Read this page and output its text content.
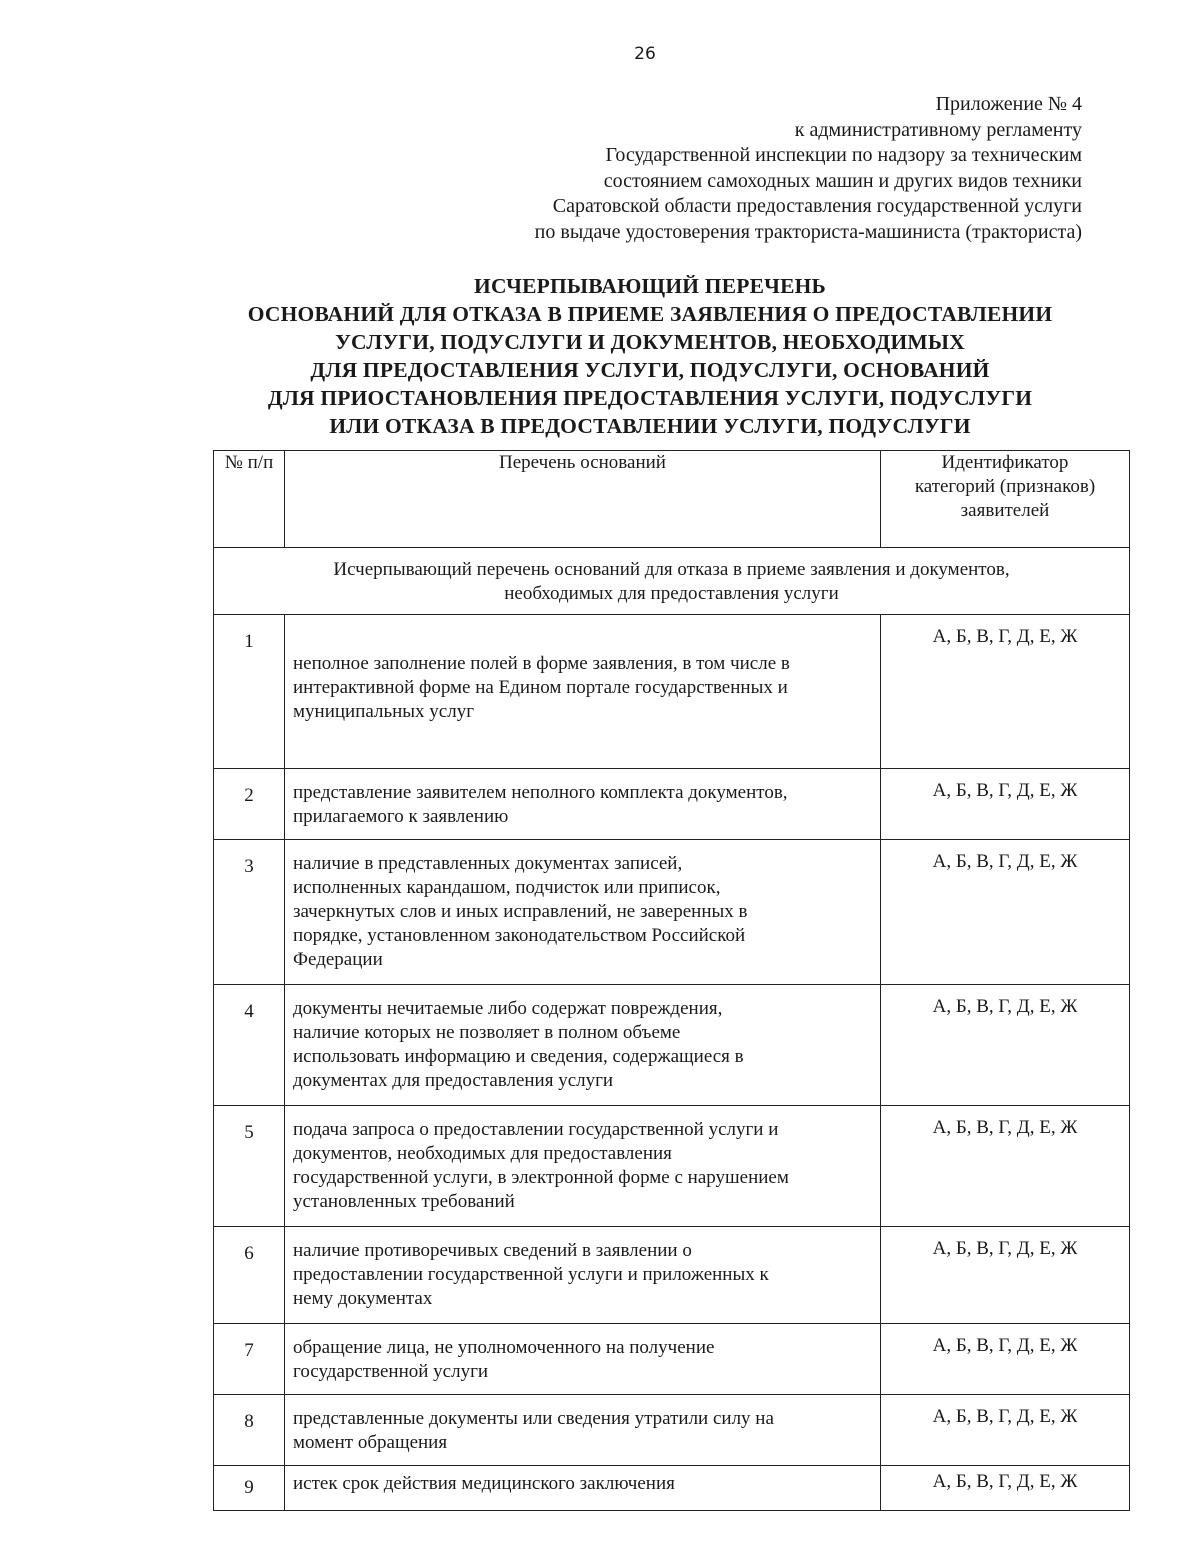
26
Приложение № 4
к административному регламенту
Государственной инспекции по надзору за техническим
состоянием самоходных машин и других видов техники
Саратовской области предоставления государственной услуги
по выдаче удостоверения тракториста-машиниста (тракториста)
ИСЧЕРПЫВАЮЩИЙ ПЕРЕЧЕНЬ
ОСНОВАНИЙ ДЛЯ ОТКАЗА В ПРИЕМЕ ЗАЯВЛЕНИЯ О ПРЕДОСТАВЛЕНИИ
УСЛУГИ, ПОДУСЛУГИ И ДОКУМЕНТОВ, НЕОБХОДИМЫХ
ДЛЯ ПРЕДОСТАВЛЕНИЯ УСЛУГИ, ПОДУСЛУГИ, ОСНОВАНИЙ
ДЛЯ ПРИОСТАНОВЛЕНИЯ ПРЕДОСТАВЛЕНИЯ УСЛУГИ, ПОДУСЛУГИ
ИЛИ ОТКАЗА В ПРЕДОСТАВЛЕНИИ УСЛУГИ, ПОДУСЛУГИ
№ п/п	Перечень оснований	Идентификатор
категорий (признаков)
заявителей

Исчерпывающий перечень оснований для отказа в приеме заявления и документов,
необходимых для предоставления услуги		

1	неполное заполнение полей в форме заявления, в том числе в
интерактивной форме на Едином портале государственных и
муниципальных услуг	А, Б, В, Г, Д, Е, Ж
2	представление заявителем неполного комплекта документов,
прилагаемого к заявлению	А, Б, В, Г, Д, Е, Ж
3	наличие в представленных документах записей,
исполненных карандашом, подчисток или приписок,
зачеркнутых слов и иных исправлений, не заверенных в
порядке, установленном законодательством Российской
Федерации	А, Б, В, Г, Д, Е, Ж
4	документы нечитаемые либо содержат повреждения,
наличие которых не позволяет в полном объеме
использовать информацию и сведения, содержащиеся в
документах для предоставления услуги	А, Б, В, Г, Д, Е, Ж
5	подача запроса о предоставлении государственной услуги и
документов, необходимых для предоставления
государственной услуги, в электронной форме с нарушением
установленных требований	А, Б, В, Г, Д, Е, Ж
6	наличие противоречивых сведений в заявлении о
предоставлении государственной услуги и приложенных к
нему документах	А, Б, В, Г, Д, Е, Ж
7	обращение лица, не уполномоченного на получение
государственной услуги	А, Б, В, Г, Д, Е, Ж
8	представленные документы или сведения утратили силу на
момент обращения	А, Б, В, Г, Д, Е, Ж
9	истек срок действия медицинского заключения	А, Б, В, Г, Д, Е, Ж
